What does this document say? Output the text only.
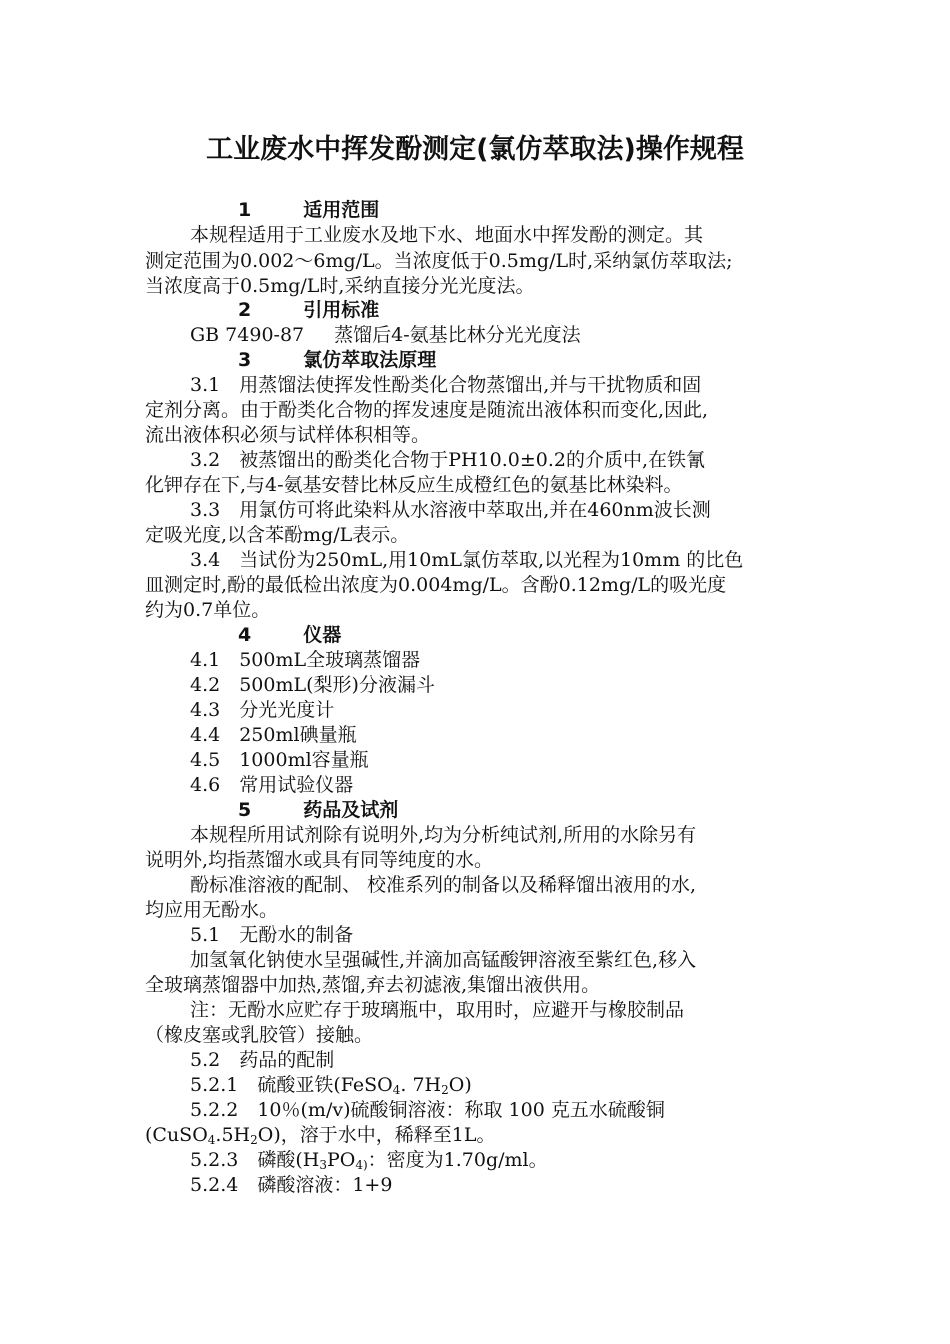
工业废水中挥发酚测定(氯仿萃取法)操作规程
1	适用范围
本规程适用于工业废水及地下水、地面水中挥发酚的测定。其
测定范围为0.002～6mg/L。当浓度低于0.5mg/L时,采纳氯仿萃取法;
当浓度高于0.5mg/L时,采纳直接分光光度法。
2	引用标准
GB 7490-87 蒸馏后4-氨基比林分光光度法
3	氯仿萃取法原理
3.1　用蒸馏法使挥发性酚类化合物蒸馏出,并与干扰物质和固
定剂分离。由于酚类化合物的挥发速度是随流出液体积而变化,因此,
流出液体积必须与试样体积相等。
3.2　被蒸馏出的酚类化合物于PH10.0±0.2的介质中,在铁氰
化钾存在下,与4-氨基安替比林反应生成橙红色的氨基比林染料。
3.3　用氯仿可将此染料从水溶液中萃取出,并在460nm波长测
定吸光度,以含苯酚mg/L表示。
3.4　当试份为250mL,用10mL氯仿萃取,以光程为10mm 的比色
皿测定时,酚的最低检出浓度为0.004mg/L。含酚0.12mg/L的吸光度
约为0.7单位。
4	仪器
4.1　500mL全玻璃蒸馏器
4.2　500mL(梨形)分液漏斗
4.3　分光光度计
4.4　250ml碘量瓶
4.5　1000ml容量瓶
4.6　常用试验仪器
5	药品及试剂
本规程所用试剂除有说明外,均为分析纯试剂,所用的水除另有
说明外,均指蒸馏水或具有同等纯度的水。
酚标准溶液的配制、 校准系列的制备以及稀释馏出液用的水,
均应用无酚水。
5.1　无酚水的制备
加氢氧化钠使水呈强碱性,并滴加高锰酸钾溶液至紫红色,移入
全玻璃蒸馏器中加热,蒸馏,弃去初滤液,集馏出液供用。
注：无酚水应贮存于玻璃瓶中，取用时，应避开与橡胶制品
（橡皮塞或乳胶管）接触。
5.2　药品的配制
5.2.1　硫酸亚铁(FeSO$_4$. $7H_2O$)
5.2.2　10％(m/v)硫酸铜溶液：称取 100 克五水硫酸铜
$(CuSO_4.5H_2O)$，溶于水中，稀释至1L。
5.2.3　磷酸($H_3PO_{4)}$：密度为1.70g/ml。
5.2.4　磷酸溶液：1+9
